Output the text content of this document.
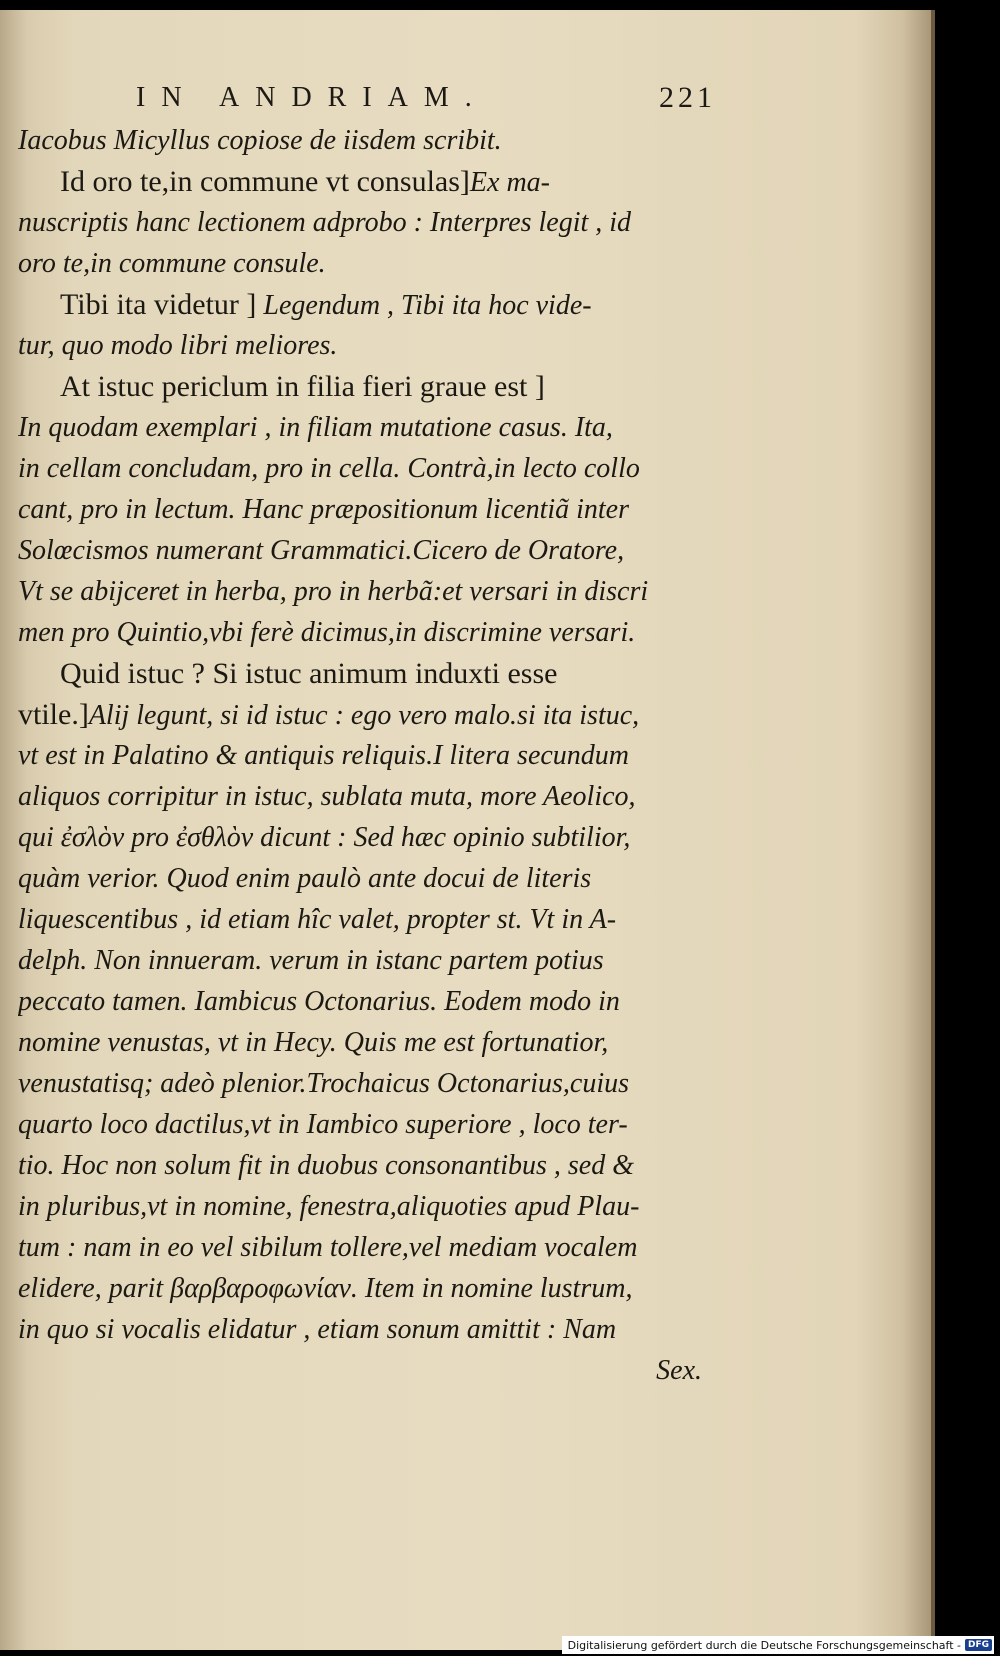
IN ANDRIAM.	221
Iacobus Micyllus copiose de iisdem scribit.
Id oro te,in commune vt consulas]Ex ma-
nuscriptis hanc lectionem adprobo : Interpres legit , id
oro te,in commune consule.
Tibi ita videtur ] Legendum , Tibi ita hoc vide-
tur, quo modo libri meliores.
At istuc periclum in filia fieri graue est ]
In quodam exemplari , in filiam mutatione casus. Ita,
in cellam concludam, pro in cella. Contrà,in lecto collo
cant, pro in lectum. Hanc præpositionum licentiã inter
Solœcismos numerant Grammatici.Cicero de Oratore,
Vt se abijceret in herba, pro in herbã:et versari in discri
men pro Quintio,vbi ferè dicimus,in discrimine versari.
Quid istuc ? Si istuc animum induxti esse
vtile.]Alij legunt, si id istuc : ego vero malo.si ita istuc,
vt est in Palatino & antiquis reliquis.I litera secundum
aliquos corripitur in istuc, sublata muta, more Aeolico,
qui ἐσλὸν pro ἐσθλὸν dicunt : Sed hæc opinio subtilior,
quàm verior. Quod enim paulò ante docui de literis
liquescentibus , id etiam hîc valet, propter st. Vt in A-
delph. Non innueram. verum in istanc partem potius
peccato tamen. Iambicus Octonarius. Eodem modo in
nomine venustas, vt in Hecy. Quis me est fortunatior,
venustatisq; adeò plenior.Trochaicus Octonarius,cuius
quarto loco dactilus,vt in Iambico superiore , loco ter-
tio. Hoc non solum fit in duobus consonantibus , sed &
in pluribus,vt in nomine, fenestra,aliquoties apud Plau-
tum : nam in eo vel sibilum tollere,vel mediam vocalem
elidere, parit βαρβαροφωνίαν. Item in nomine lustrum,
in quo si vocalis elidatur , etiam sonum amittit : Nam
Sex.
Digitalisierung gefördert durch die Deutsche Forschungsgemeinschaft - DFG
